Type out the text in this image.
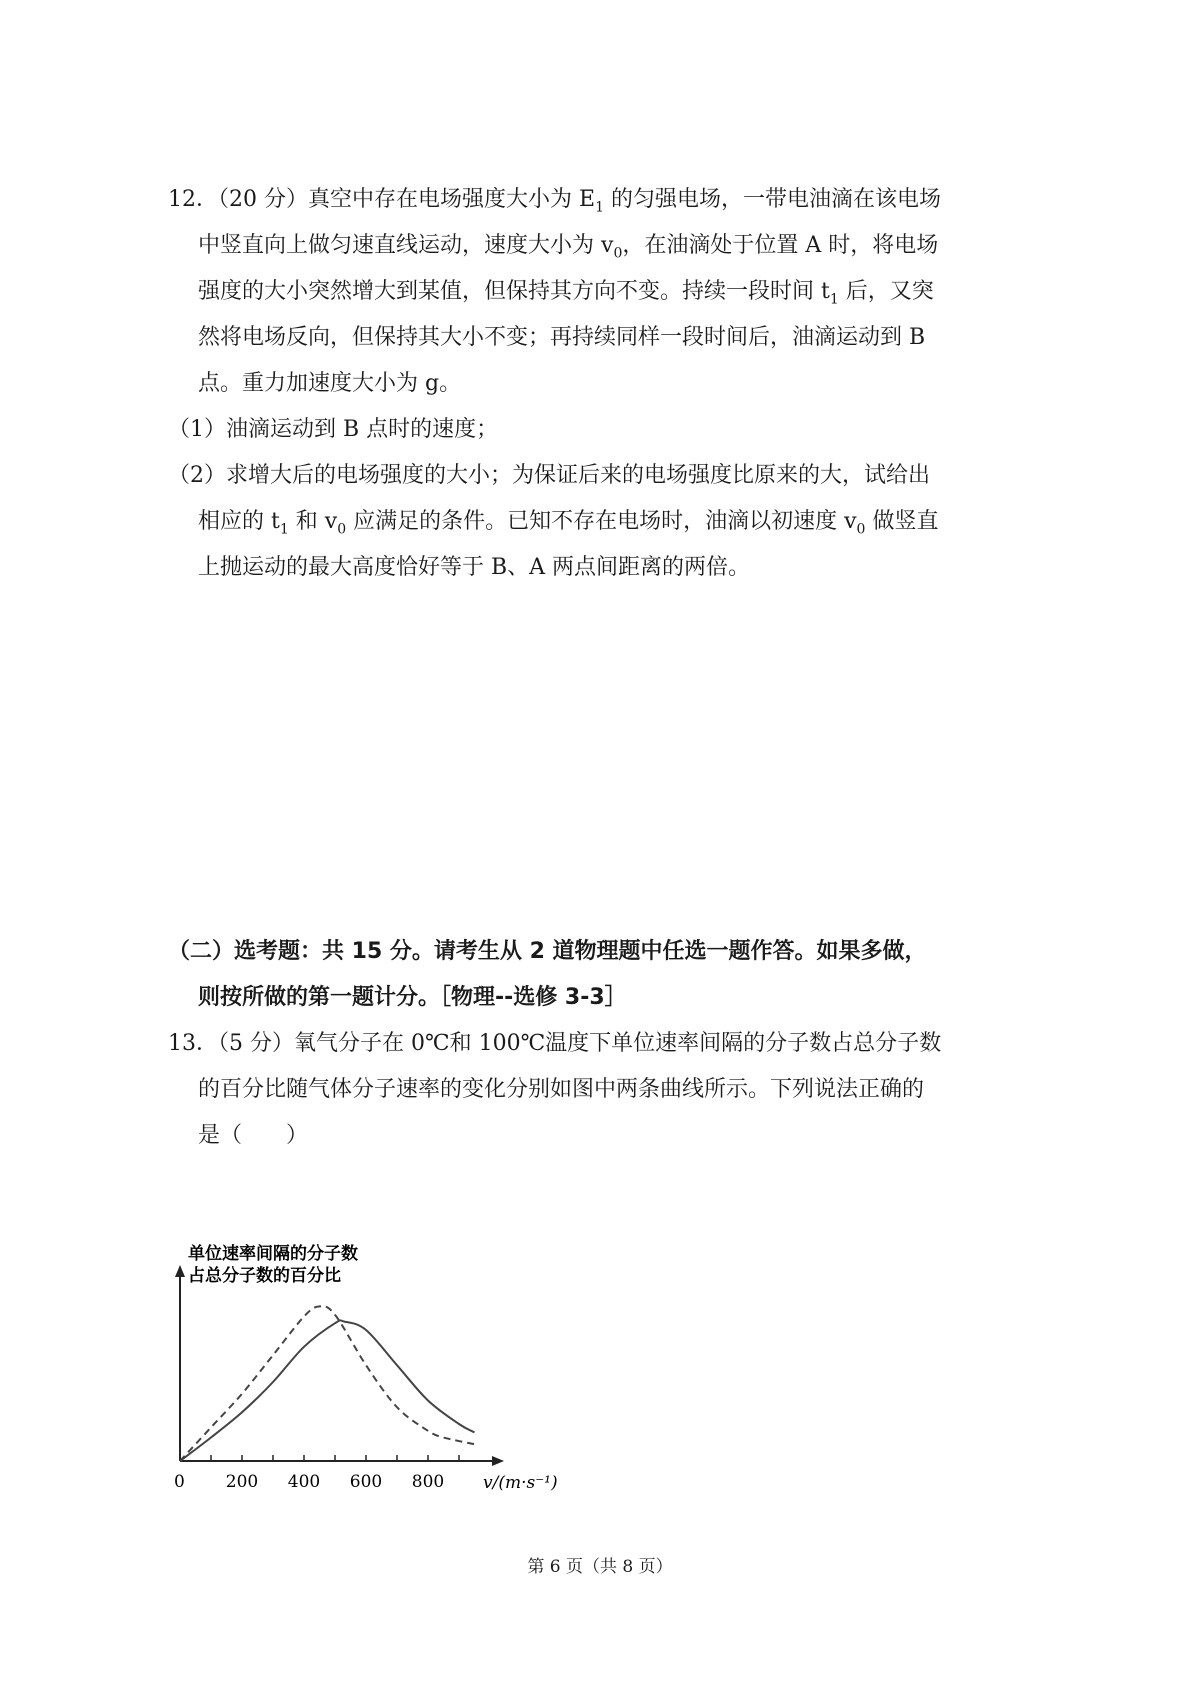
12．（20 分）真空中存在电场强度大小为 $E_1$ 的匀强电场，一带电油滴在该电场
中竖直向上做匀速直线运动，速度大小为 $v_0$，在油滴处于位置 A 时，将电场
强度的大小突然增大到某值，但保持其方向不变。持续一段时间 $t_1$ 后，又突
然将电场反向，但保持其大小不变；再持续同样一段时间后，油滴运动到 B
点。重力加速度大小为 g。
（1）油滴运动到 B 点时的速度；
（2）求增大后的电场强度的大小；为保证后来的电场强度比原来的大，试给出
相应的 $t_1$ 和 $v_0$ 应满足的条件。已知不存在电场时，油滴以初速度 $v_0$ 做竖直
上抛运动的最大高度恰好等于 B、A 两点间距离的两倍。
（二）选考题：共 15 分。请考生从 2 道物理题中任选一题作答。如果多做，
则按所做的第一题计分。［物理--选修 3-3］
13．（5 分）氧气分子在 0℃和 100℃温度下单位速率间隔的分子数占总分子数
的百分比随气体分子速率的变化分别如图中两条曲线所示。下列说法正确的
是（　　）
单位速率间隔的分子数
占总分子数的百分比
0 200 400 600 800 v/(m·s⁻¹)
第 6 页（共 8 页）
